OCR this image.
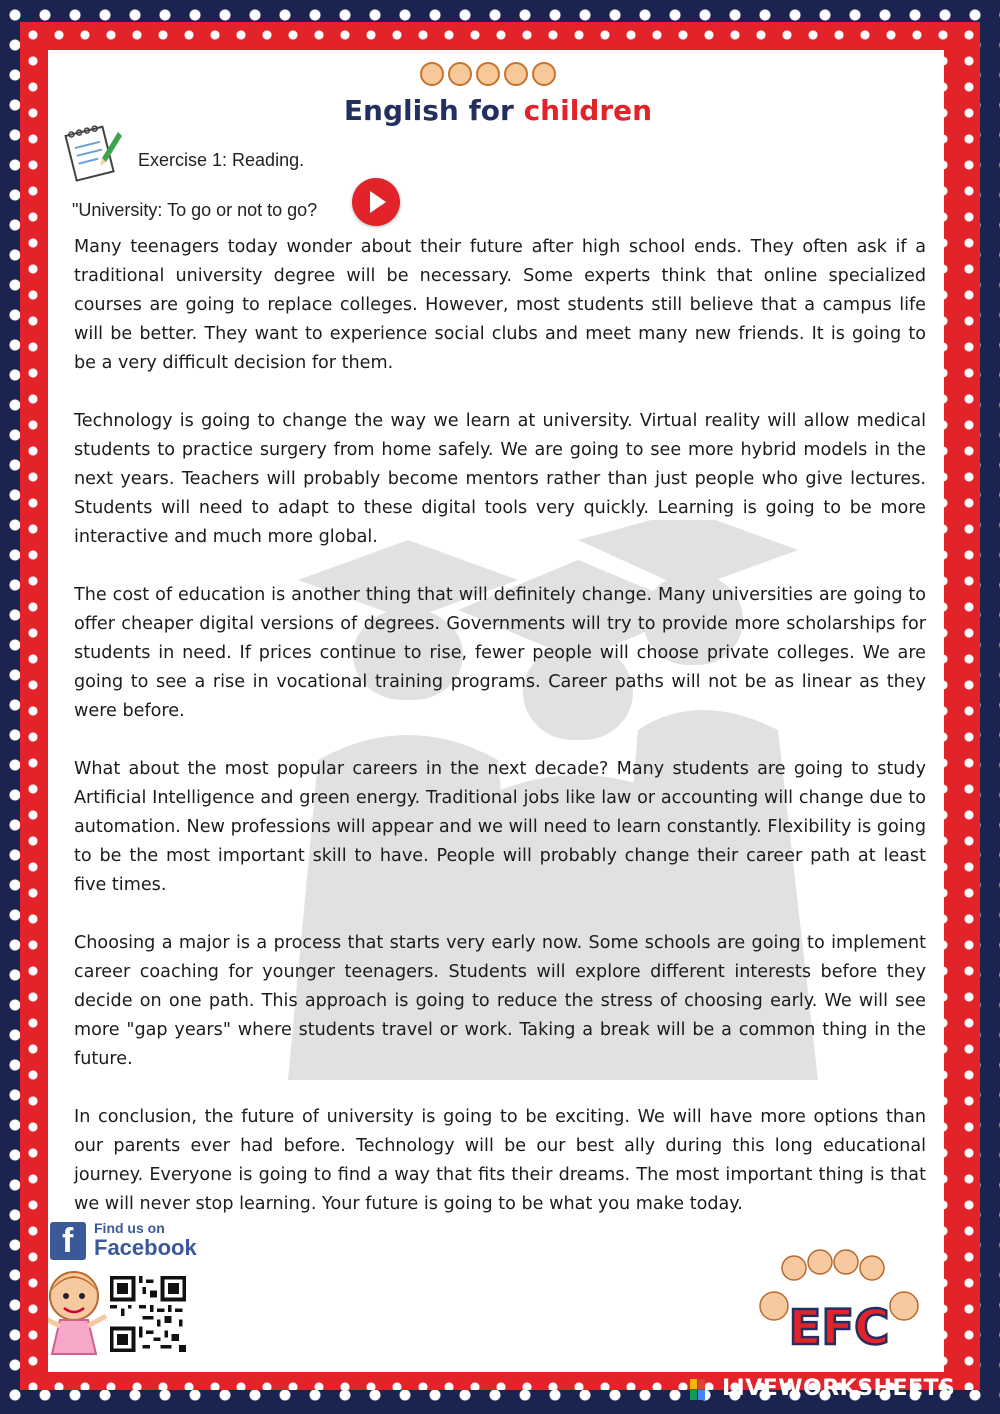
English for children
Exercise 1: Reading.
"University: To go or not to go?

Many teenagers today wonder about their future after high school ends. They often ask if a traditional university degree will be necessary. Some experts think that online specialized courses are going to replace colleges. However, most students still believe that a campus life will be better. They want to experience social clubs and meet many new friends. It is going to be a very difficult decision for them.

Technology is going to change the way we learn at university. Virtual reality will allow medical students to practice surgery from home safely. We are going to see more hybrid models in the next years. Teachers will probably become mentors rather than just people who give lectures. Students will need to adapt to these digital tools very quickly. Learning is going to be more interactive and much more global.

The cost of education is another thing that will definitely change. Many universities are going to offer cheaper digital versions of degrees. Governments will try to provide more scholarships for students in need. If prices continue to rise, fewer people will choose private colleges. We are going to see a rise in vocational training programs. Career paths will not be as linear as they were before.

What about the most popular careers in the next decade? Many students are going to study Artificial Intelligence and green energy. Traditional jobs like law or accounting will change due to automation. New professions will appear and we will need to learn constantly. Flexibility is going to be the most important skill to have. People will probably change their career path at least five times.

Choosing a major is a process that starts very early now. Some schools are going to implement career coaching for younger teenagers. Students will explore different interests before they decide on one path. This approach is going to reduce the stress of choosing early. We will see more "gap years" where students travel or work. Taking a break will be a common thing in the future.

In conclusion, the future of university is going to be exciting. We will have more options than our parents ever had before. Technology will be our best ally during this long educational journey. Everyone is going to find a way that fits their dreams. The most important thing is that we will never stop learning. Your future is going to be what you make today.

f Find us on
Facebook
EFC
LIVEWORKSHEETS
